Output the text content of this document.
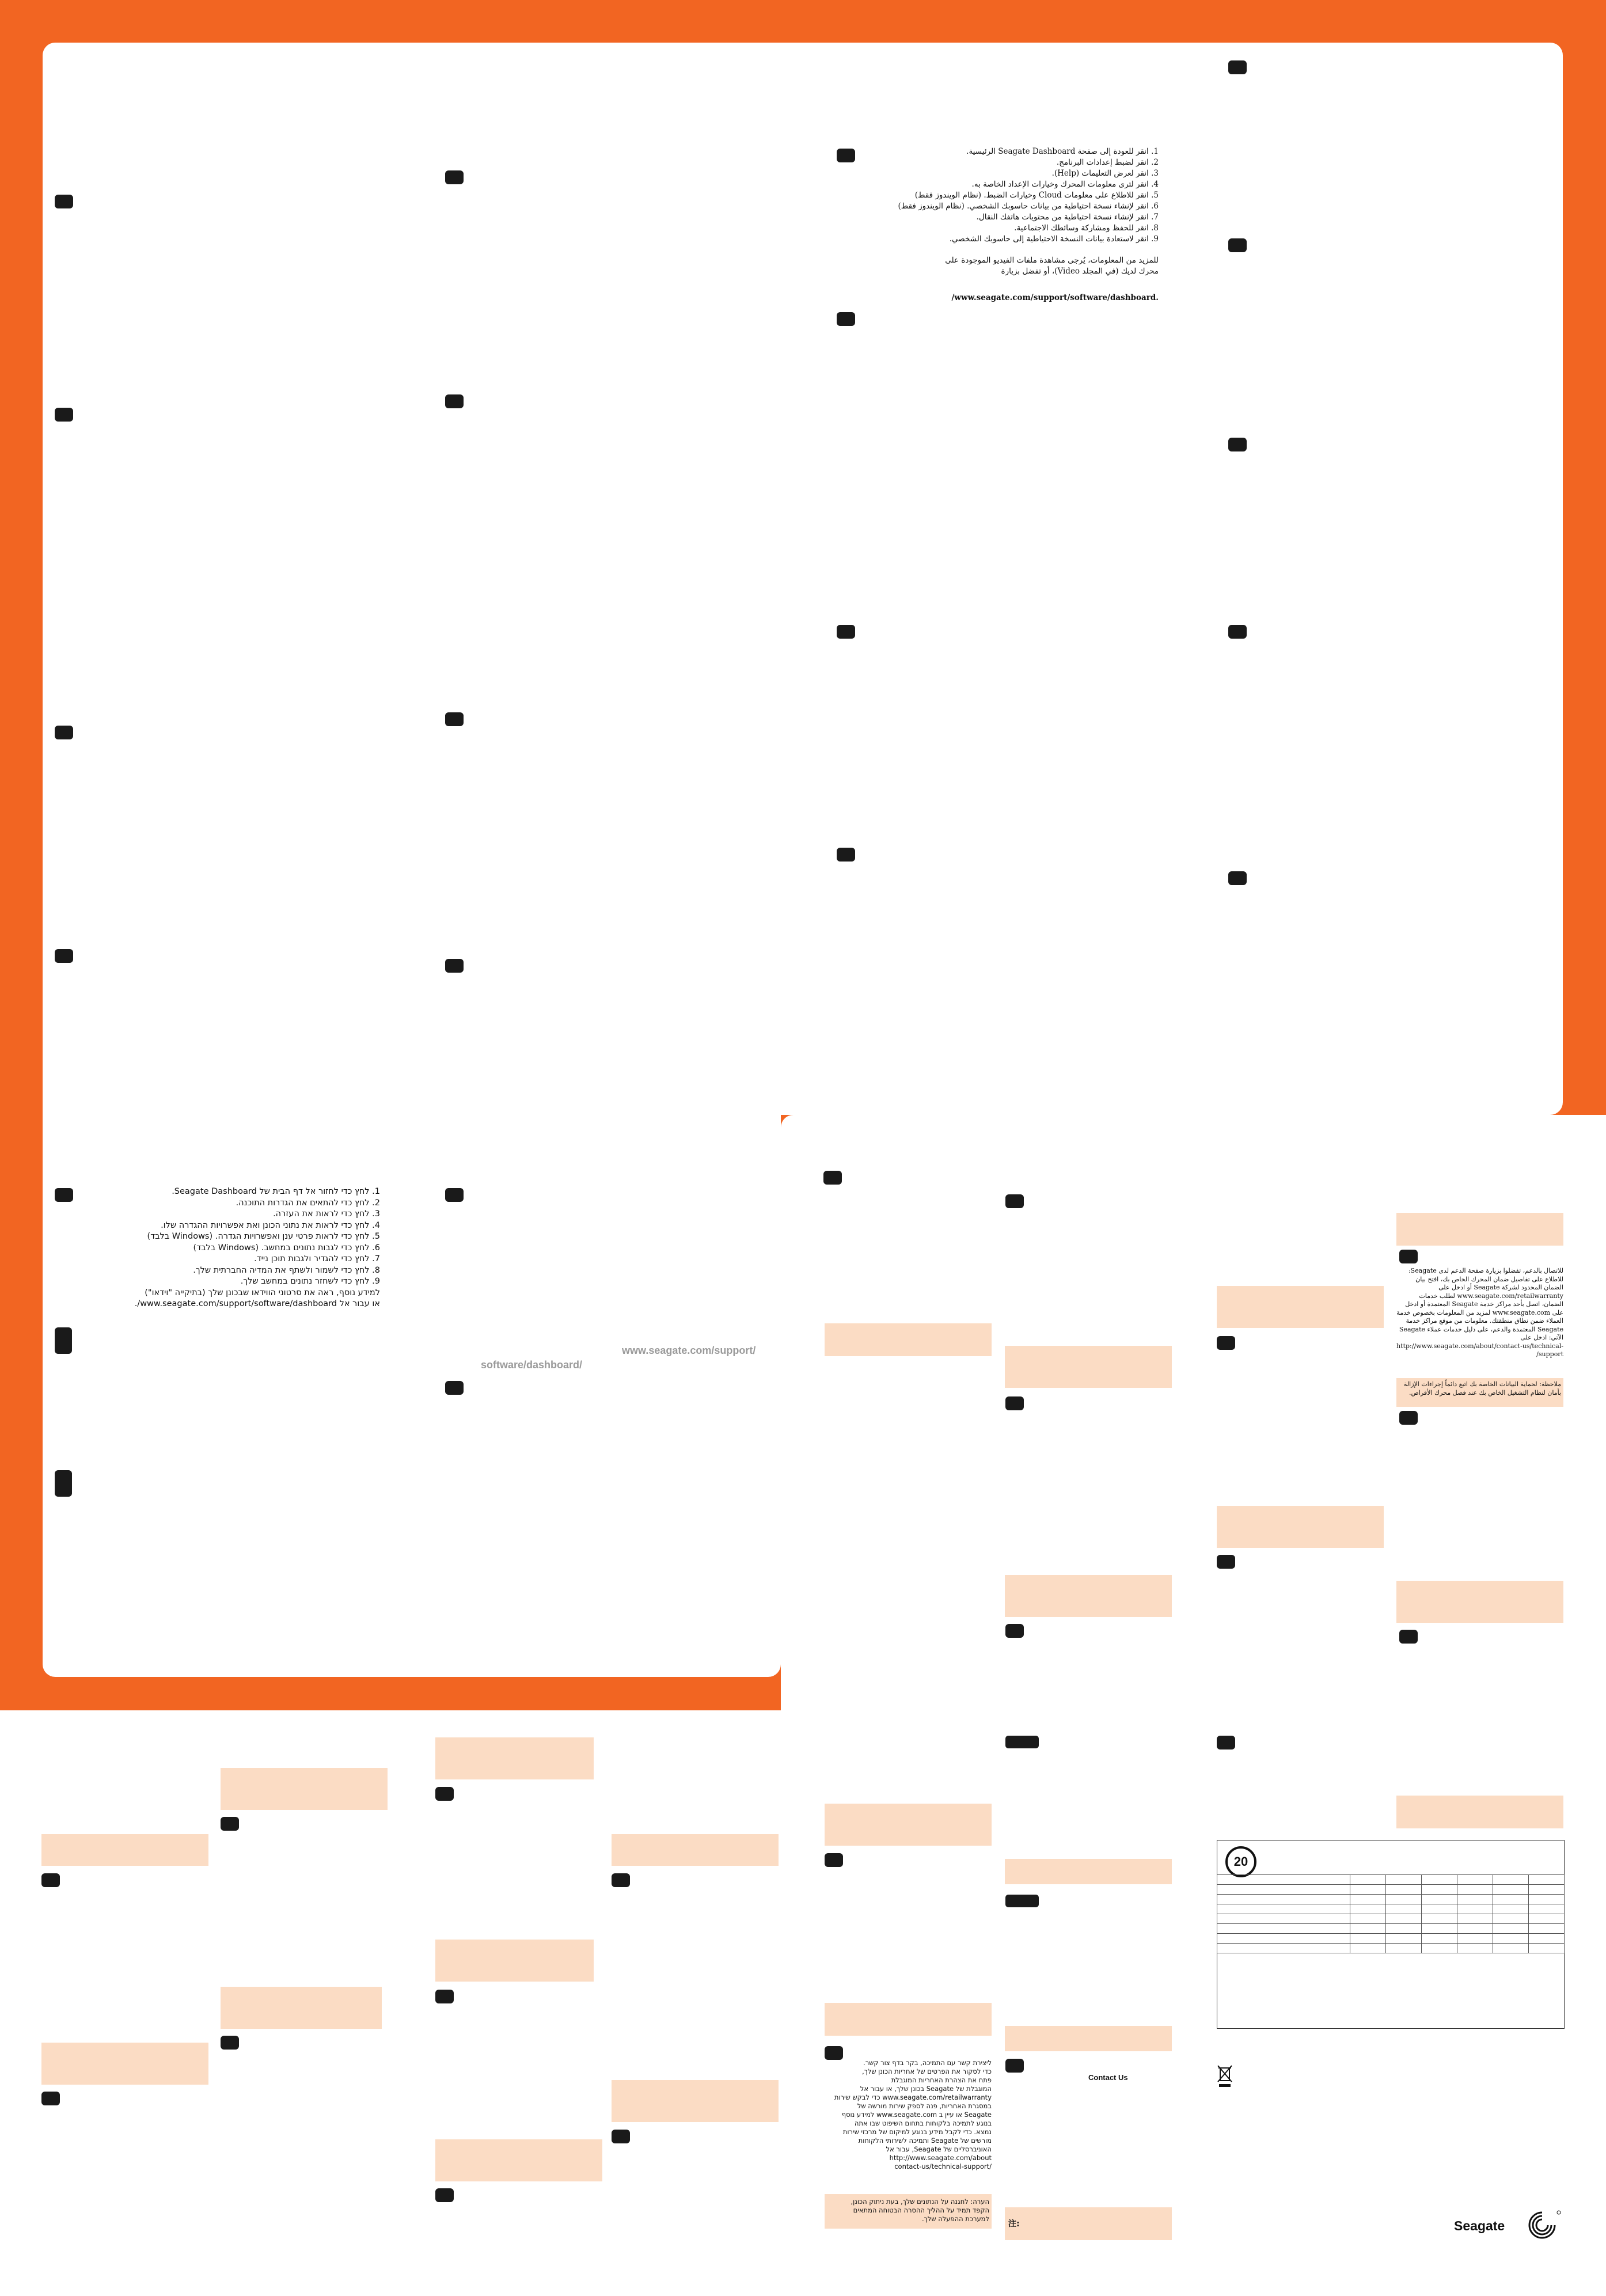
1. انقر للعودة إلى صفحة Seagate Dashboard الرئيسية.
2. انقر لضبط إعدادات البرنامج.
3. انقر لعرض التعليمات (Help).
4. انقر لترى معلومات المحرك وخيارات الإعداد الخاصة به.
5. انقر للاطلاع على معلومات Cloud وخيارات الضبط. (نظام الويندوز فقط)
6. انقر لإنشاء نسخة احتياطية من بيانات حاسوبك الشخصي. (نظام الويندوز فقط)
7. انقر لإنشاء نسخة احتياطية من محتويات هاتفك النقال.
8. انقر للحفظ ومشاركة وسائطك الاجتماعية.
9. انقر لاستعادة بيانات النسخة الاحتياطية إلى حاسوبك الشخصي.
للمزيد من المعلومات، يُرجى مشاهدة ملفات الفيديو الموجودة على محرك لديك (في المجلد Video)، أو تفضل بزيارة
.www.seagate.com/support/software/dashboard/
1. לחץ כדי לחזור אל דף הבית של Seagate Dashboard.
2. לחץ כדי להתאים את הגדרות התוכנה.
3. לחץ כדי לראות את העזרה.
4. לחץ כדי לראות את נתוני הכונן ואת אפשרויות ההגדרה שלו.
5. לחץ כדי לראות פרטי ענן ואפשרויות הגדרה. (Windows בלבד)
6. לחץ כדי לגבות נתונים במחשב. (Windows בלבד)
7. לחץ כדי להגדיר ולגבות תוכן נייד.
8. לחץ כדי לשמור ולשתף את המדיה החברתית שלך.
9. לחץ כדי לשחזר נתונים במחשב שלך.
למידע נוסף, ראה את סרטוני הווידאו שבכונן שלך (בתיקייה "וידאו")
או עבור אל www.seagate.com/support/software/dashboard/.
www.seagate.com/support/
software/dashboard/
للاتصال بالدعم، تفضلوا بزيارة صفحة الدعم لدى Seagate:
للاطلاع على تفاصيل ضمان المحرك الخاص بك، افتح بيان
الضمان المحدود لشركة Seagate أو ادخل على
www.seagate.com/retailwarranty لطلب خدمات
الضمان، اتصل بأحد مراكز خدمة Seagate المعتمدة أو ادخل
على www.seagate.com لمزيد من المعلومات بخصوص خدمة
العملاء ضمن نطاق منطقتك. معلومات من موقع مراكز خدمة
Seagate المعتمدة والدعم، على دليل خدمات عملاء Seagate
الآتي: ادخل على
http://www.seagate.com/about/contact-us/technical-support/
ملاحظة: لحماية البيانات الخاصة بك اتبع دائماً إجراءات الإزالة
بأمان لنظام التشغيل الخاص بك عند فصل محرك الأقراص.
ליצירת קשר עם התמיכה, בקר בדף צור קשר.
כדי לסקור את הפרטים של אחריות הכונן שלך,
פתח את הצהרת האחריות המוגבלת
המוגבלת של Seagate בכונן שלך, או עבור אל
www.seagate.com/retailwarranty כדי לבקש שירות
במסגרת האחריות, פנה לספק שירות מורשה של
Seagate או עיין ב www.seagate.com למידע נוסף
בנוגע לתמיכה בלקוחות בתחום השיפוט שבו אתה
נמצא. כדי לקבל מידע בנוגע למיקום של מרכזי שירות
מורשים של Seagate ותמיכה לשירותי הלקוחות
האוניברסליים של Seagate, עבור אל
http://www.seagate.com/about
/contact-us/technical-support
הערה: לחגנה על הנתונים שלך, בעת ניתוק הכונן,
הקפד תמיד על ההליך ההסרה הבטוחה המתאים
למערכת ההפעלה שלך.
Contact Us
注:
20

Seagate
